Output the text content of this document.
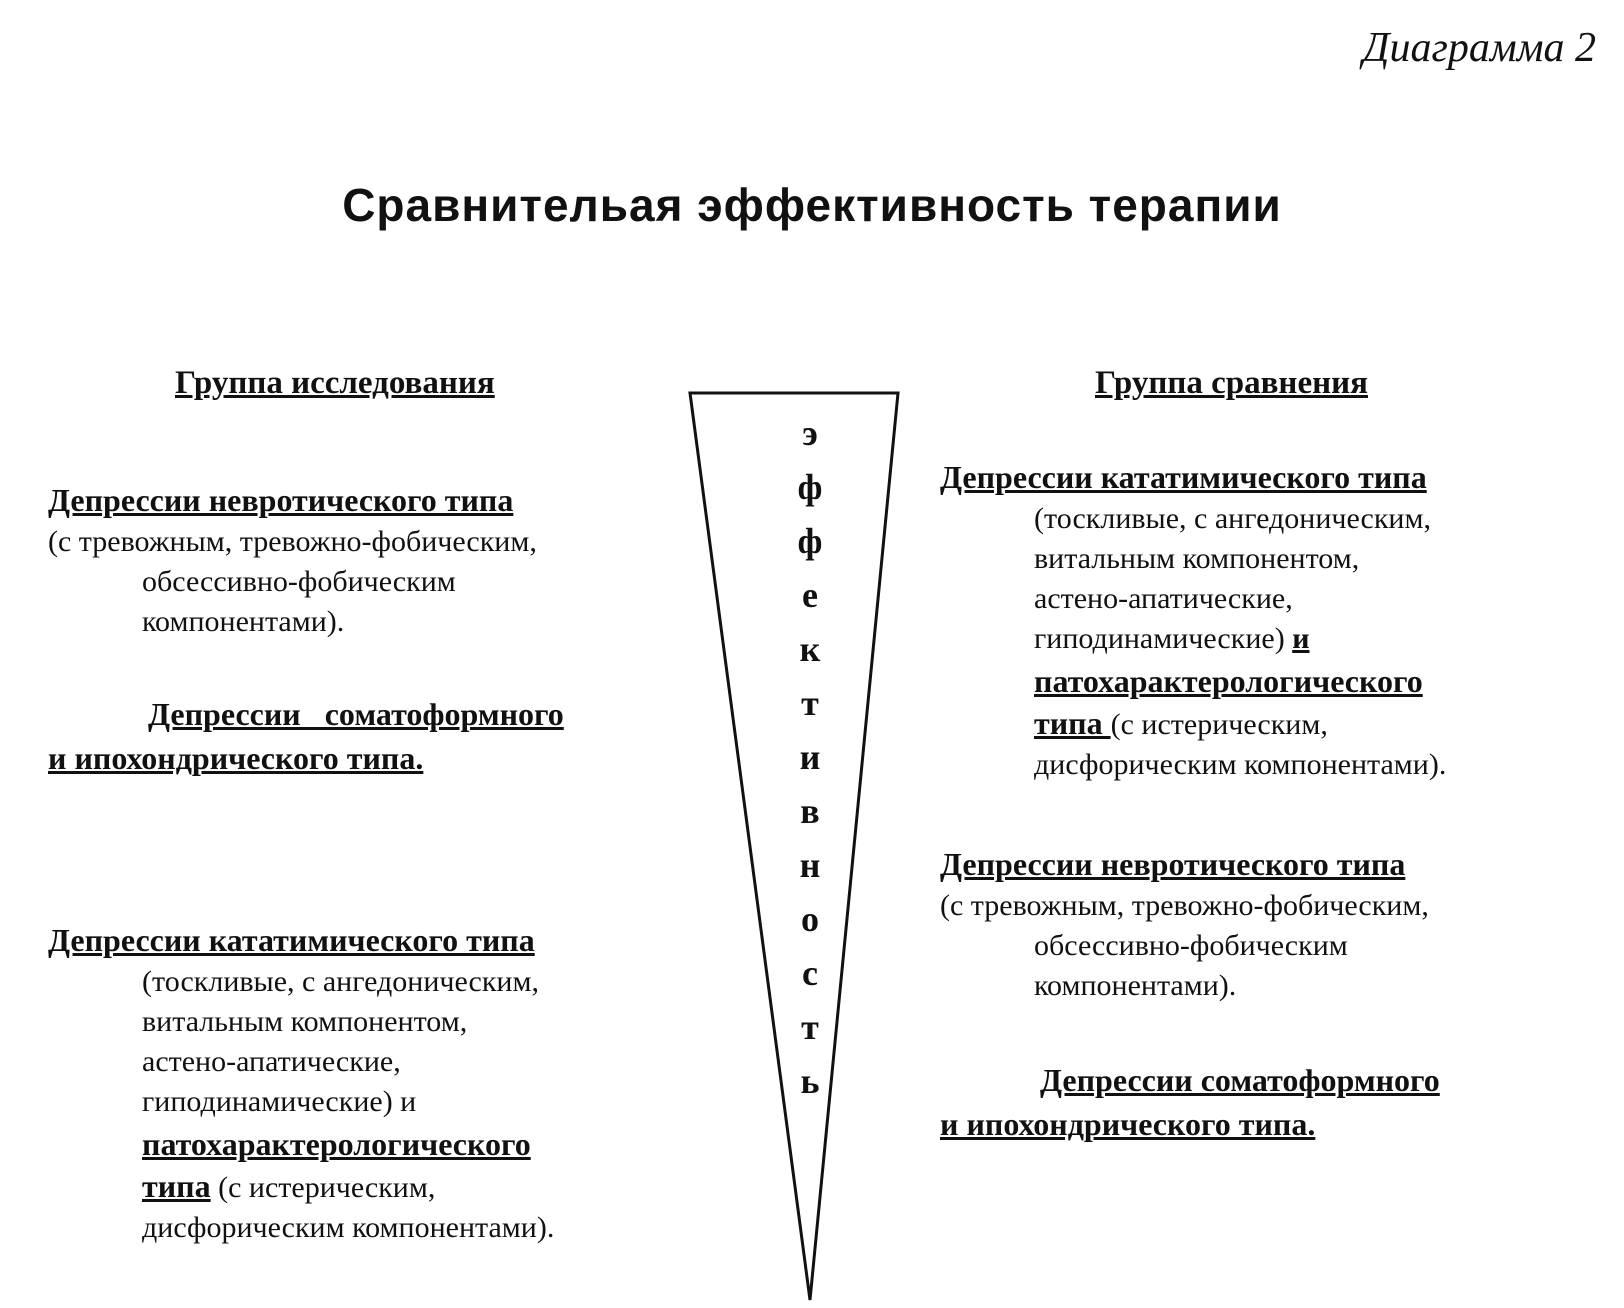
Диаграмма 2
Сравнительая эффективность терапии
э
ф
ф
е
к
т
и
в
н
о
с
т
ь
Группа исследования
Депрессии невротического типа
(с тревожным, тревожно-фобическим,
обсессивно-фобическим
компонентами).
Депрессии   соматоформного
и ипохондрического типа.
Депрессии кататимического типа
(тоскливые, с ангедоническим,
витальным компонентом,
астено-апатические,
гиподинамические) и
патохарактерологического
типа (с истерическим,
дисфорическим компонентами).
Группа сравнения
Депрессии кататимического типа
(тоскливые, с ангедоническим,
витальным компонентом,
астено-апатические,
гиподинамические) и
патохарактерологического
типа (с истерическим,
дисфорическим компонентами).
Депрессии невротического типа
(с тревожным, тревожно-фобическим,
обсессивно-фобическим
компонентами).
Депрессии соматоформного
и ипохондрического типа.
